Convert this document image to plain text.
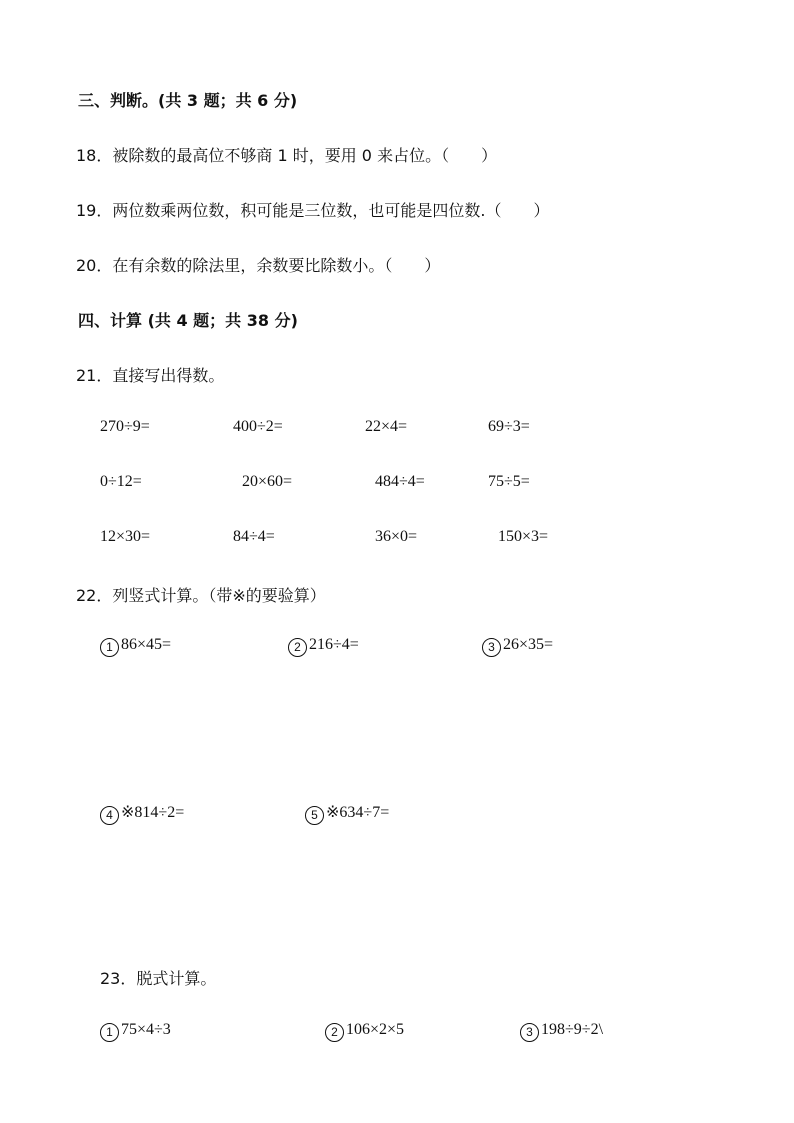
三、判断。(共 3 题；共 6 分)
18．被除数的最高位不够商 1 时，要用 0 来占位。（　　）
19．两位数乘两位数，积可能是三位数，也可能是四位数.（　　）
20．在有余数的除法里，余数要比除数小。（　　）
四、计算 (共 4 题；共 38 分)
21．直接写出得数。
270÷9=	400÷2=	22×4=	69÷3=
0÷12=	20×60=	484÷4=	75÷5=
12×30=	84÷4=	36×0=	150×3=
22．列竖式计算。（带※的要验算）
1 86×45=	2 216÷4=	3 26×35=
4 ※814÷2=	5 ※634÷7=
23．脱式计算。
1 75×4÷3	2 106×2×5	3 198÷9÷2\
